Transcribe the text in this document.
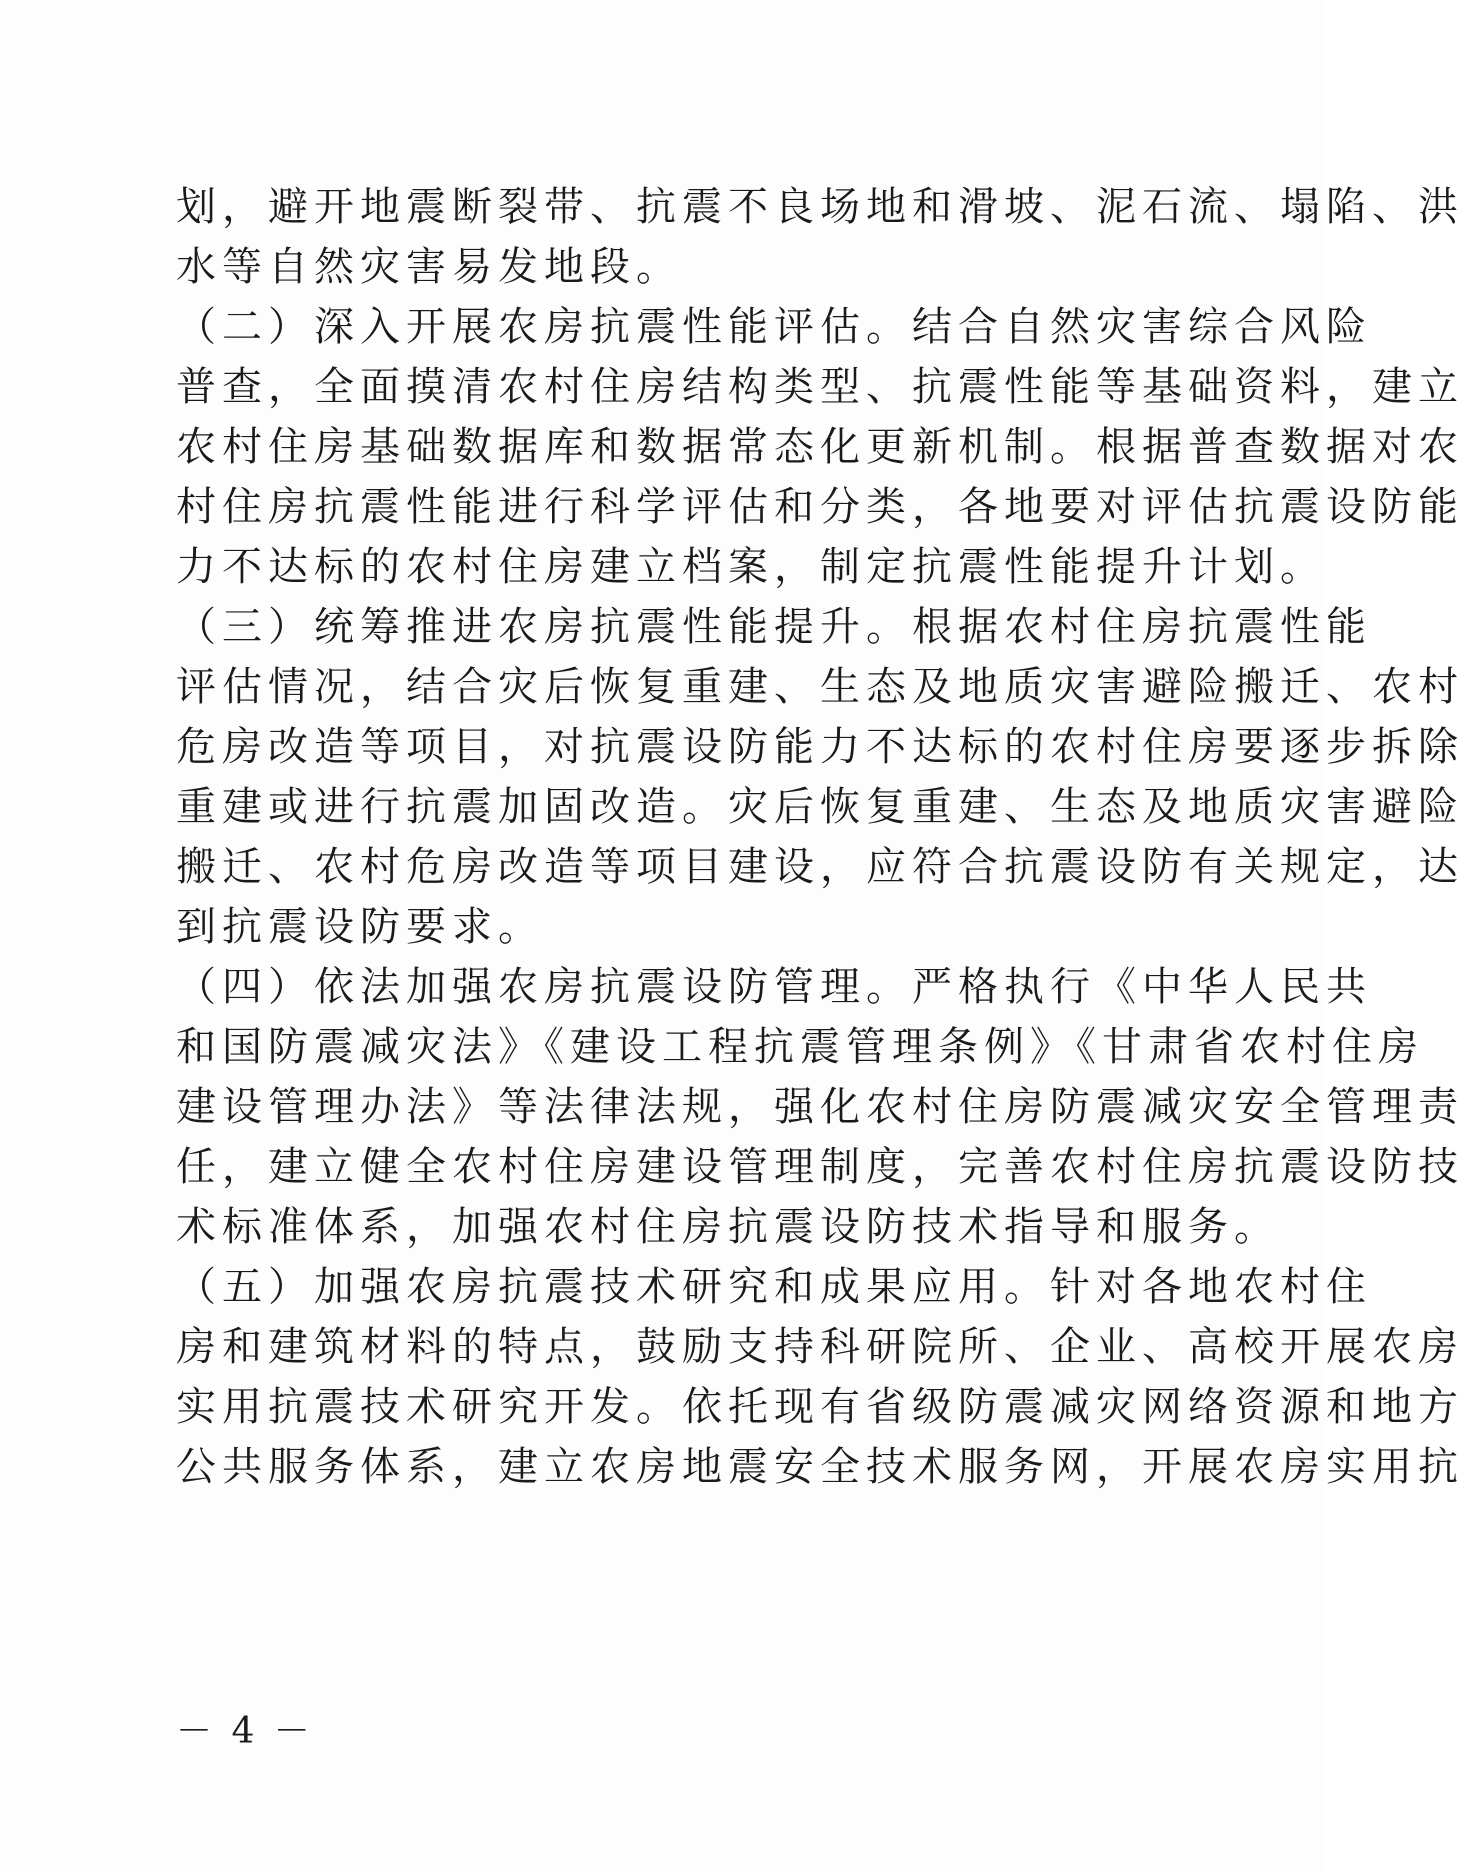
划，避开地震断裂带、抗震不良场地和滑坡、泥石流、塌陷、洪
水等自然灾害易发地段。
（二）深入开展农房抗震性能评估。结合自然灾害综合风险
普查，全面摸清农村住房结构类型、抗震性能等基础资料，建立
农村住房基础数据库和数据常态化更新机制。根据普查数据对农
村住房抗震性能进行科学评估和分类，各地要对评估抗震设防能
力不达标的农村住房建立档案，制定抗震性能提升计划。
（三）统筹推进农房抗震性能提升。根据农村住房抗震性能
评估情况，结合灾后恢复重建、生态及地质灾害避险搬迁、农村
危房改造等项目，对抗震设防能力不达标的农村住房要逐步拆除
重建或进行抗震加固改造。灾后恢复重建、生态及地质灾害避险
搬迁、农村危房改造等项目建设，应符合抗震设防有关规定，达
到抗震设防要求。
（四）依法加强农房抗震设防管理。严格执行《中华人民共
和国防震减灾法》《建设工程抗震管理条例》《甘肃省农村住房
建设管理办法》等法律法规，强化农村住房防震减灾安全管理责
任，建立健全农村住房建设管理制度，完善农村住房抗震设防技
术标准体系，加强农村住房抗震设防技术指导和服务。
（五）加强农房抗震技术研究和成果应用。针对各地农村住
房和建筑材料的特点，鼓励支持科研院所、企业、高校开展农房
实用抗震技术研究开发。依托现有省级防震减灾网络资源和地方
公共服务体系，建立农房地震安全技术服务网，开展农房实用抗
－ 4 －
